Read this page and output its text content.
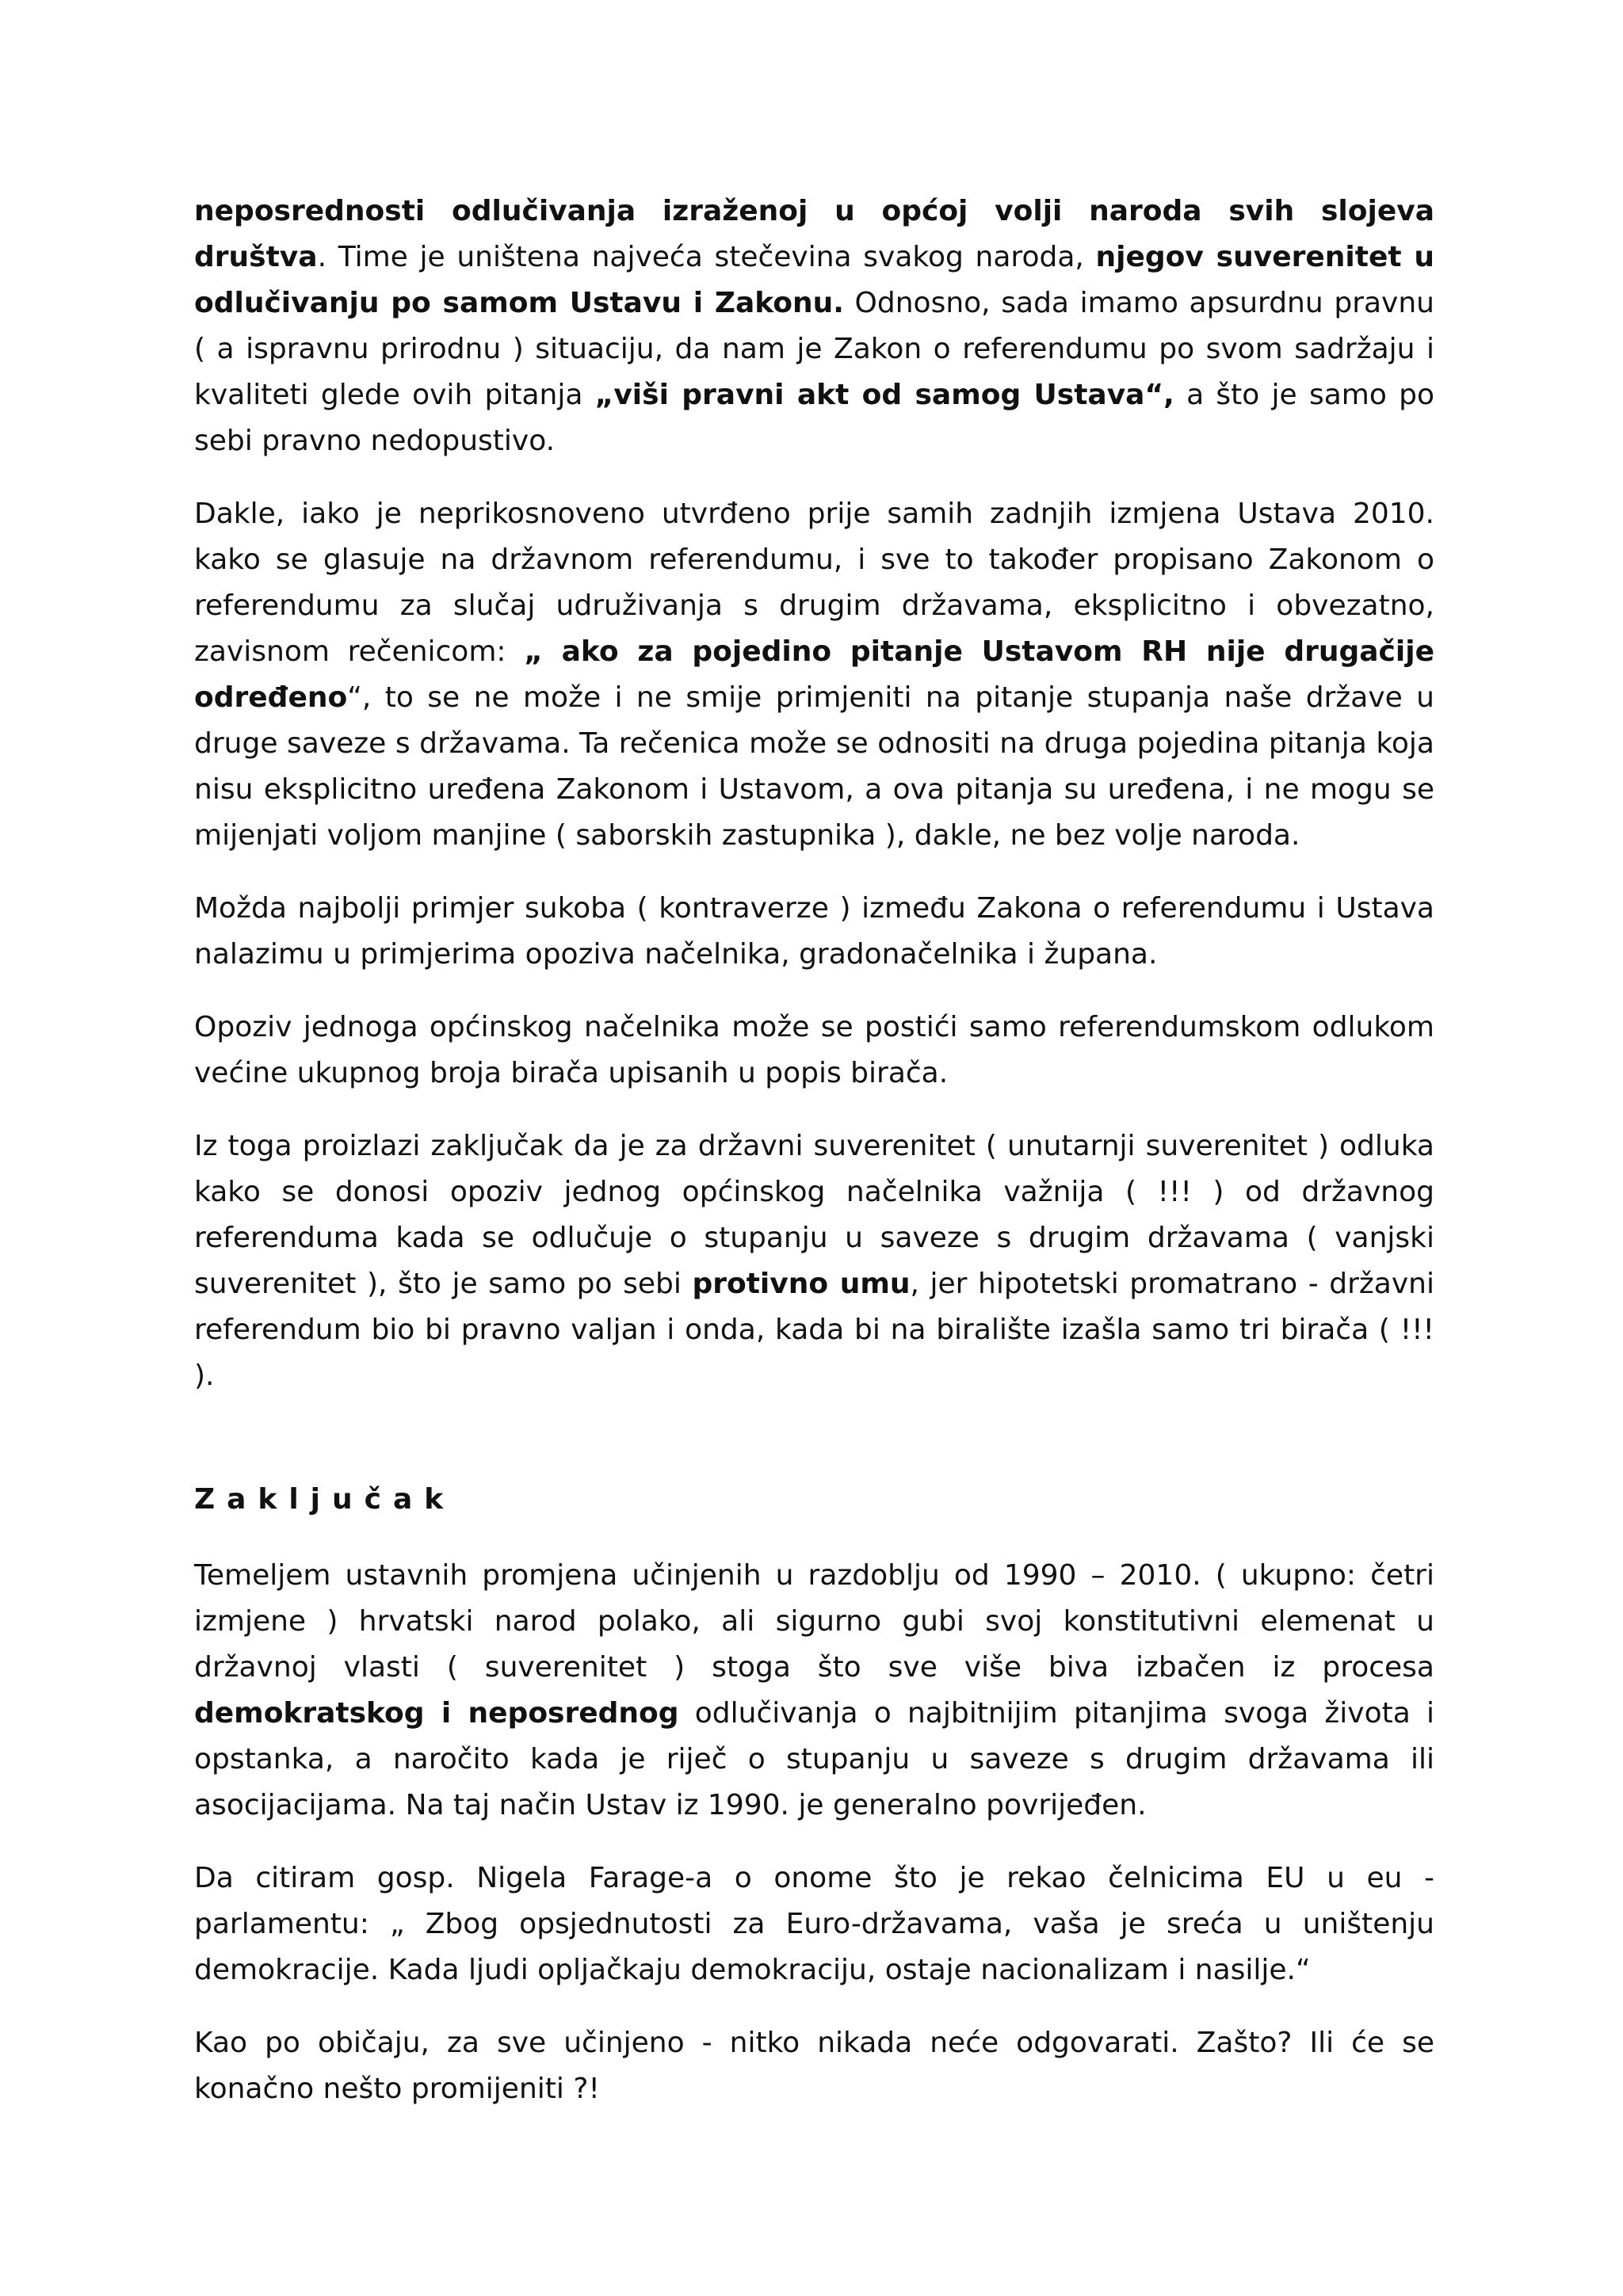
neposrednosti odlučivanja izraženoj u općoj volji naroda svih slojeva društva. Time je uništena najveća stečevina svakog naroda, njegov suverenitet u odlučivanju po samom Ustavu i Zakonu. Odnosno, sada imamo apsurdnu pravnu ( a ispravnu prirodnu ) situaciju, da nam je Zakon o referendumu po svom sadržaju i kvaliteti glede ovih pitanja „viši pravni akt od samog Ustava“, a što je samo po sebi pravno nedopustivo.

Dakle, iako je neprikosnoveno utvrđeno prije samih zadnjih izmjena Ustava 2010. kako se glasuje na državnom referendumu, i sve to također propisano Zakonom o referendumu za slučaj udruživanja s drugim državama, eksplicitno i obvezatno, zavisnom rečenicom: „ ako za pojedino pitanje Ustavom RH nije drugačije određeno“, to se ne može i ne smije primjeniti na pitanje stupanja naše države u druge saveze s državama. Ta rečenica može se odnositi na druga pojedina pitanja koja nisu eksplicitno uređena Zakonom i Ustavom, a ova pitanja su uređena, i ne mogu se mijenjati voljom manjine ( saborskih zastupnika ), dakle, ne bez volje naroda.

Možda najbolji primjer sukoba ( kontraverze ) između Zakona o referendumu i Ustava nalazimu u primjerima opoziva načelnika, gradonačelnika i župana.

Opoziv jednoga općinskog načelnika može se postići samo referendumskom odlukom većine ukupnog broja birača upisanih u popis birača.

Iz toga proizlazi zaključak da je za državni suverenitet ( unutarnji suverenitet ) odluka kako se donosi opoziv jednog općinskog načelnika važnija ( !!! ) od državnog referenduma kada se odlučuje o stupanju u saveze s drugim državama ( vanjski suverenitet ), što je samo po sebi protivno umu, jer hipotetski promatrano - državni referendum bio bi pravno valjan i onda, kada bi na biralište izašla samo tri birača ( !!! ).

Zaključak

Temeljem ustavnih promjena učinjenih u razdoblju od 1990 – 2010. ( ukupno: četri izmjene ) hrvatski narod polako, ali sigurno gubi svoj konstitutivni elemenat u državnoj vlasti ( suverenitet ) stoga što sve više biva izbačen iz procesa demokratskog i neposrednog odlučivanja o najbitnijim pitanjima svoga života i opstanka, a naročito kada je riječ o stupanju u saveze s drugim državama ili asocijacijama. Na taj način Ustav iz 1990. je generalno povrijeđen.

Da citiram gosp. Nigela Farage-a o onome što je rekao čelnicima EU u eu - parlamentu: „ Zbog opsjednutosti za Euro-državama, vaša je sreća u uništenju demokracije. Kada ljudi opljačkaju demokraciju, ostaje nacionalizam i nasilje.“

Kao po običaju, za sve učinjeno - nitko nikada neće odgovarati. Zašto? Ili će se konačno nešto promijeniti ?!
